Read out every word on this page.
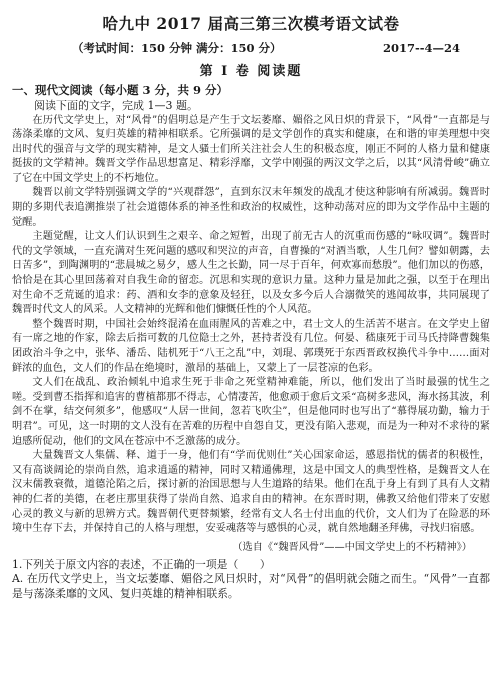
哈九中 2017 届高三第三次模考语文试卷
（考试时间：150 分钟 满分：150 分）	2017--4—24
第 I 卷 阅读题
一、现代文阅读（每小题 3 分，共 9 分）

阅读下面的文字，完成 1—3 题。

在历代文学史上，对“风骨”的倡明总是产生于文坛萎靡、媚俗之风日炽的背景下，“风骨”一直都是与荡涤柔靡的文风、复归英雄的精神相联系。它所强调的是文学创作的真实和健康，在和谐的审美理想中突出时代的强音与文学的现实精神，是文人骚士们所关注社会人生的积极态度，刚正不阿的人格力量和健康挺拔的文学精神。魏晋文学作品思想富足、精彩浮靡，文学中刚强的两汉文学之后，以其“风清骨峻”确立了它在中国文学史上的不朽地位。

魏晋以前文学特别强调文学的“兴观群怨”，直到东汉末年频发的战乱才使这种影响有所减弱。魏晋时期的多期代表追溯推崇了社会道德体系的神圣性和政治的权威性，这种动荡对应的即为文学作品中主题的觉醒。

主题觉醒，让文人们认识到生之艰辛、命之短暂，出现了前无古人的沉重而伤感的“咏叹调”。魏晋时代的文学领域，一直充满对生死问题的感叹和哭泣的声音，自曹操的“对酒当歌，人生几何？譬如朝露，去日苦多”，到陶渊明的“悲晨城之易夕，感人生之长勤，同一尽于百年，何欢寡而愁殷”。他们加以的伤感，恰恰是在其心里回荡着对自我生命的留恋。沉思和实现的意识力量。这种力量是加此之强，以至于在理出对生命不乏荒诞的追求：药、酒和女李的意象及轻狂，以及女多今后人合溺微笑的逃闻故事，共同展现了魏晋时代文人的风采。人文精神的光辉和他们慷慨任性的个人风范。

整个魏晋时期，中国社会始终混淆在血雨腥风的苦难之中，君士文人的生活苦不堪言。在文学史上留有一席之地的作家，除去后指可数的几位隐士之外，甚持者没有几位。何晏、嵇康死于司马氏持降曹魏集团政治斗争之中，张华、潘岳、陆机死于“八王之乱”中，刘琨、郭璞死于东西晋政权换代斗争中……面对鲜浓的血色，文人们的作品在绝境时，激昂的基础上，又蒙上了一层苍凉的色彩。

文人们在战乱、政治倾轧中追求生死于非命之死堂精神难能，所以，他们发出了当时最强的忧生之嗟。受到曹丕指挥和追害的曹植都那不得志，心情凄苦，他愈顽于愈后文采“高树多悲风，海水扬其波，利剑不在掌，结交何须多”，他感叹“人居一世间，忽若飞吹尘”，但是他同时也写出了“慕得展功勤，输力于明君”。可见，这一时期的文人没有在苦难的历程中自怨自艾，更没有陷入悲观，而是为一种对不求待的紧迫感所促动，他们的文风在苍凉中不乏激荡的成分。

大量魏晋文人集儒、释、道于一身，他们有“学而优则仕”关心国家命运，感恩指忧的儒者的积极性，又有高谈阔论的崇尚自然，追求逍遥的精神，同时又精通佛理，这是中国文人的典型性格，是魏晋文人在汉末儒教衰微，道德沦陷之后，探讨新的治国思想与人生道路的结果。他们在乱于身上有到了具有人文精神的仁者的美德，在老庄那里获得了崇尚自然、追求自由的精神。在东晋时期，佛教又给他们带来了安慰心灵的教义与新的思辨方式。魏晋朝代更替频繁，经常有文人名士付出血的代价，文人们为了在险恶的环境中生存下去，并保持自己的人格与理想，安妥魂落等与感惧的心灵，就自然地翻圣拜佛，寻找归宿感。

（选自《“魏晋风骨”——中国文学史上的不朽精神》）

1.下列关于原文内容的表述，不正确的一项是（　　）

A. 在历代文学史上，当文坛萎靡、媚俗之风日炽时，对“风骨”的倡明就会随之而生。“风骨”一直都是与荡涤柔靡的文风、复归英雄的精神相联系。
